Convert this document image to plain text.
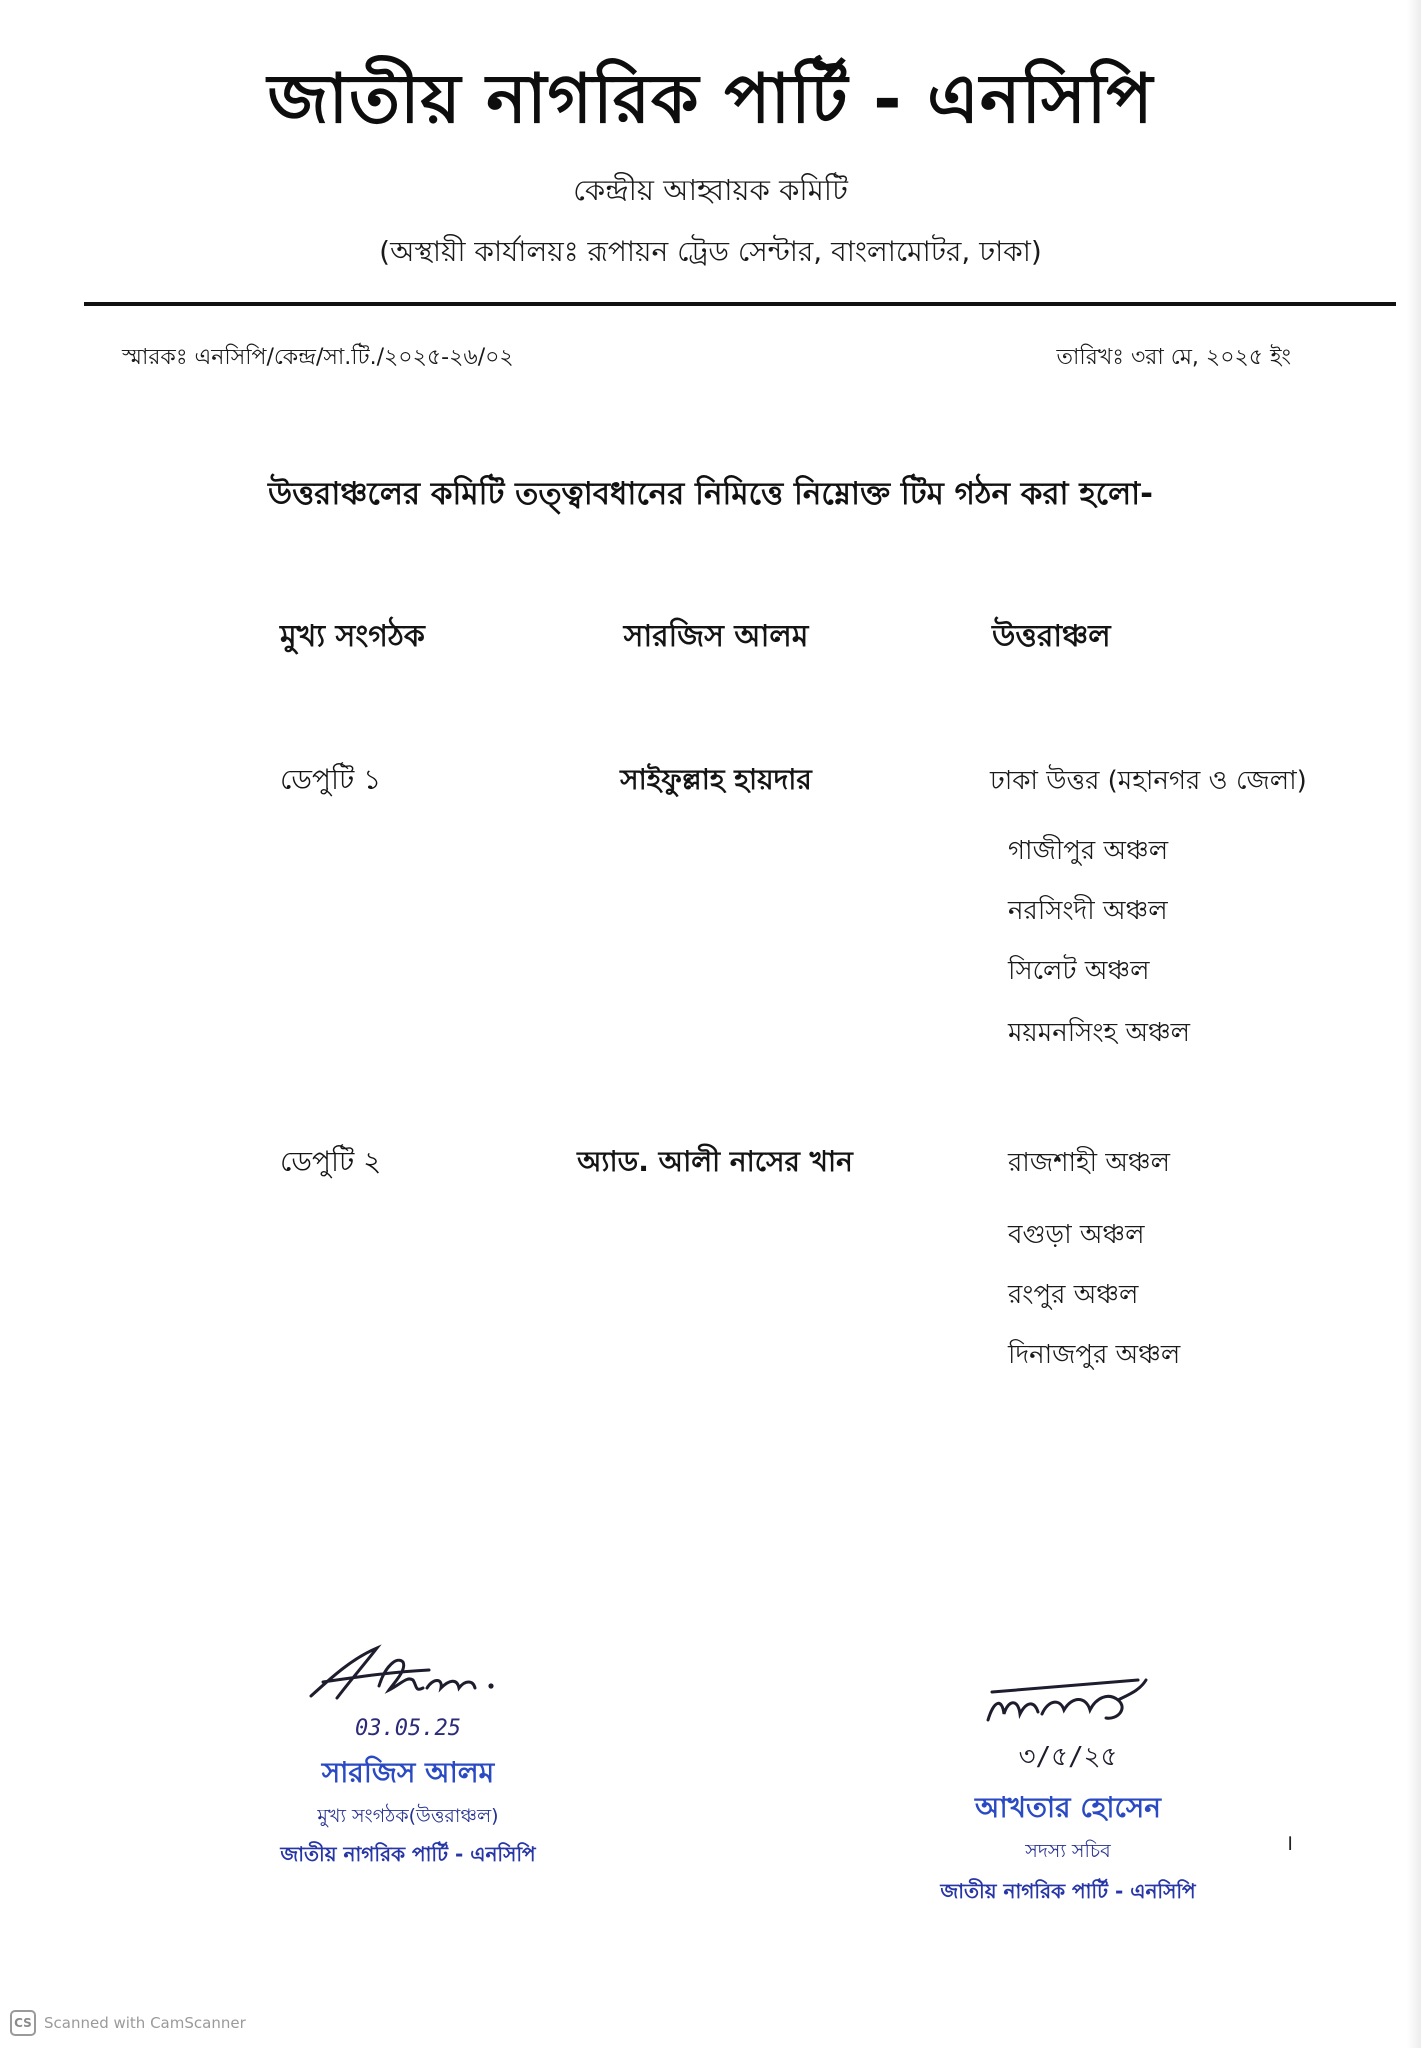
জাতীয় নাগরিক পার্টি - এনসিপি
কেন্দ্রীয় আহ্বায়ক কমিটি
(অস্থায়ী কার্যালয়ঃ রূপায়ন ট্রেড সেন্টার, বাংলামোটর, ঢাকা)
স্মারকঃ এনসিপি/কেন্দ্র/সা.টি./২০২৫-২৬/০২	তারিখঃ ৩রা মে, ২০২৫ ইং
উত্তরাঞ্চলের কমিটি তত্ত্বাবধানের নিমিত্তে নিম্নোক্ত টিম গঠন করা হলো-
মুখ্য সংগঠক	সারজিস আলম	উত্তরাঞ্চল
ডেপুটি ১	সাইফুল্লাহ হায়দার	ঢাকা উত্তর (মহানগর ও জেলা)
গাজীপুর অঞ্চল
নরসিংদী অঞ্চল
সিলেট অঞ্চল
ময়মনসিংহ অঞ্চল
ডেপুটি ২	অ্যাড. আলী নাসের খান	রাজশাহী অঞ্চল
বগুড়া অঞ্চল
রংপুর অঞ্চল
দিনাজপুর অঞ্চল
03.05.25
সারজিস আলম
মুখ্য সংগঠক(উত্তরাঞ্চল)
জাতীয় নাগরিক পার্টি - এনসিপি
৩/৫/২৫
আখতার হোসেন
সদস্য সচিব
জাতীয় নাগরিক পার্টি - এনসিপি
।
CS Scanned with CamScanner
